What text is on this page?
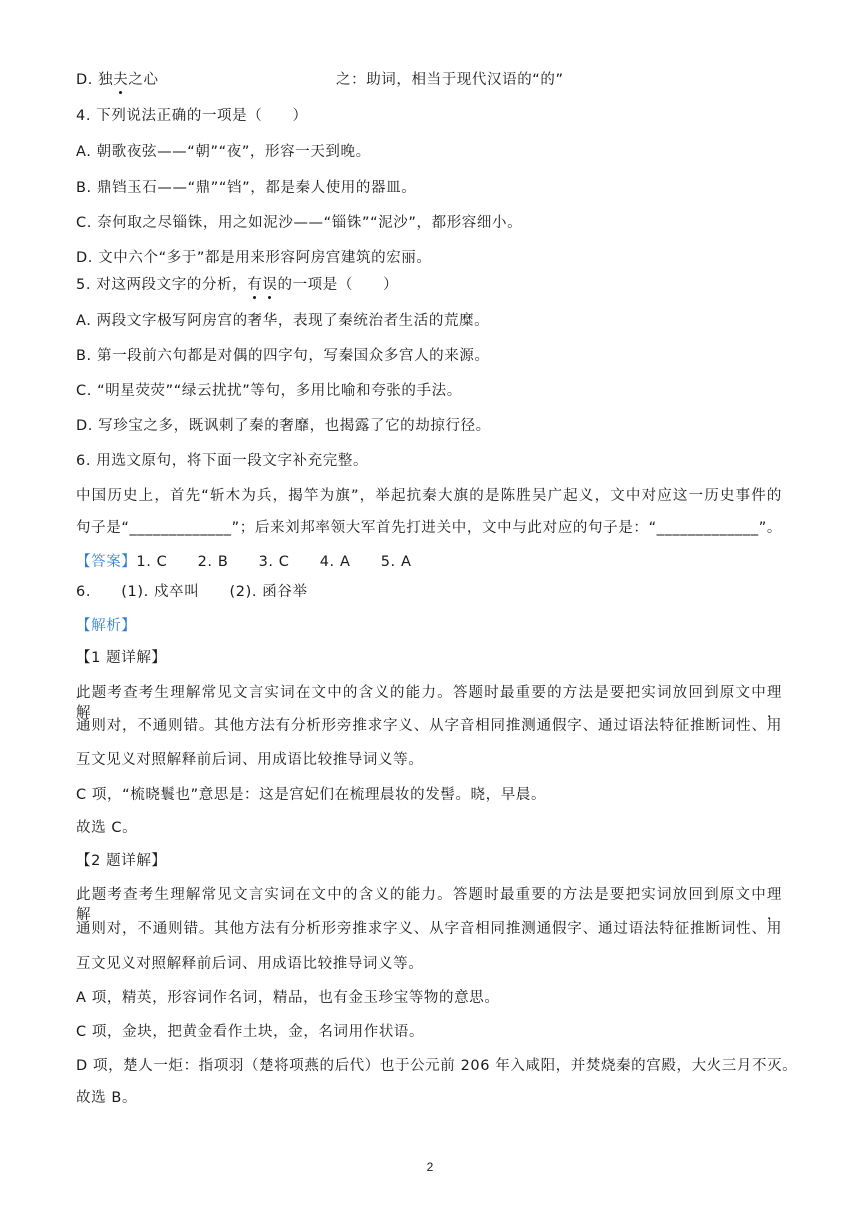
D. 独夫之心	之：助词，相当于现代汉语的“的”
4. 下列说法正确的一项是（　　）
A. 朝歌夜弦——“朝”“夜”，形容一天到晚。
B. 鼎铛玉石——“鼎”“铛”，都是秦人使用的器皿。
C. 奈何取之尽锱铢，用之如泥沙——“锱铢”“泥沙”，都形容细小。
D. 文中六个“多于”都是用来形容阿房宫建筑的宏丽。
5. 对这两段文字的分析，有误的一项是（　　）
A. 两段文字极写阿房宫的奢华，表现了秦统治者生活的荒糜。
B. 第一段前六句都是对偶的四字句，写秦国众多宫人的来源。
C. “明星荧荧”“绿云扰扰”等句，多用比喻和夸张的手法。
D. 写珍宝之多，既讽刺了秦的奢靡，也揭露了它的劫掠行径。
6. 用选文原句，将下面一段文字补充完整。
中国历史上，首先“斩木为兵，揭竿为旗”，举起抗秦大旗的是陈胜吴广起义，文中对应这一历史事件的
句子是“_____________”；后来刘邦率领大军首先打进关中，文中与此对应的句子是：“_____________”。
【答案】1. C　　2. B　　3. C　　4. A　　5. A
6.　　(1). 戍卒叫　　(2). 函谷举
【解析】
【1 题详解】
此题考查考生理解常见文言实词在文中的含义的能力。答题时最重要的方法是要把实词放回到原文中理解，
通则对，不通则错。其他方法有分析形旁推求字义、从字音相同推测通假字、通过语法特征推断词性、用
互文见义对照解释前后词、用成语比较推导词义等。
C 项，“梳晓鬟也”意思是：这是宫妃们在梳理晨妆的发髻。晓，早晨。
故选 C。
【2 题详解】
此题考查考生理解常见文言实词在文中的含义的能力。答题时最重要的方法是要把实词放回到原文中理解，
通则对，不通则错。其他方法有分析形旁推求字义、从字音相同推测通假字、通过语法特征推断词性、用
互文见义对照解释前后词、用成语比较推导词义等。
A 项，精英，形容词作名词，精品，也有金玉珍宝等物的意思。
C 项，金块，把黄金看作土块，金，名词用作状语。
D 项，楚人一炬：指项羽（楚将项燕的后代）也于公元前 206 年入咸阳，并焚烧秦的宫殿，大火三月不灭。
故选 B。
2
